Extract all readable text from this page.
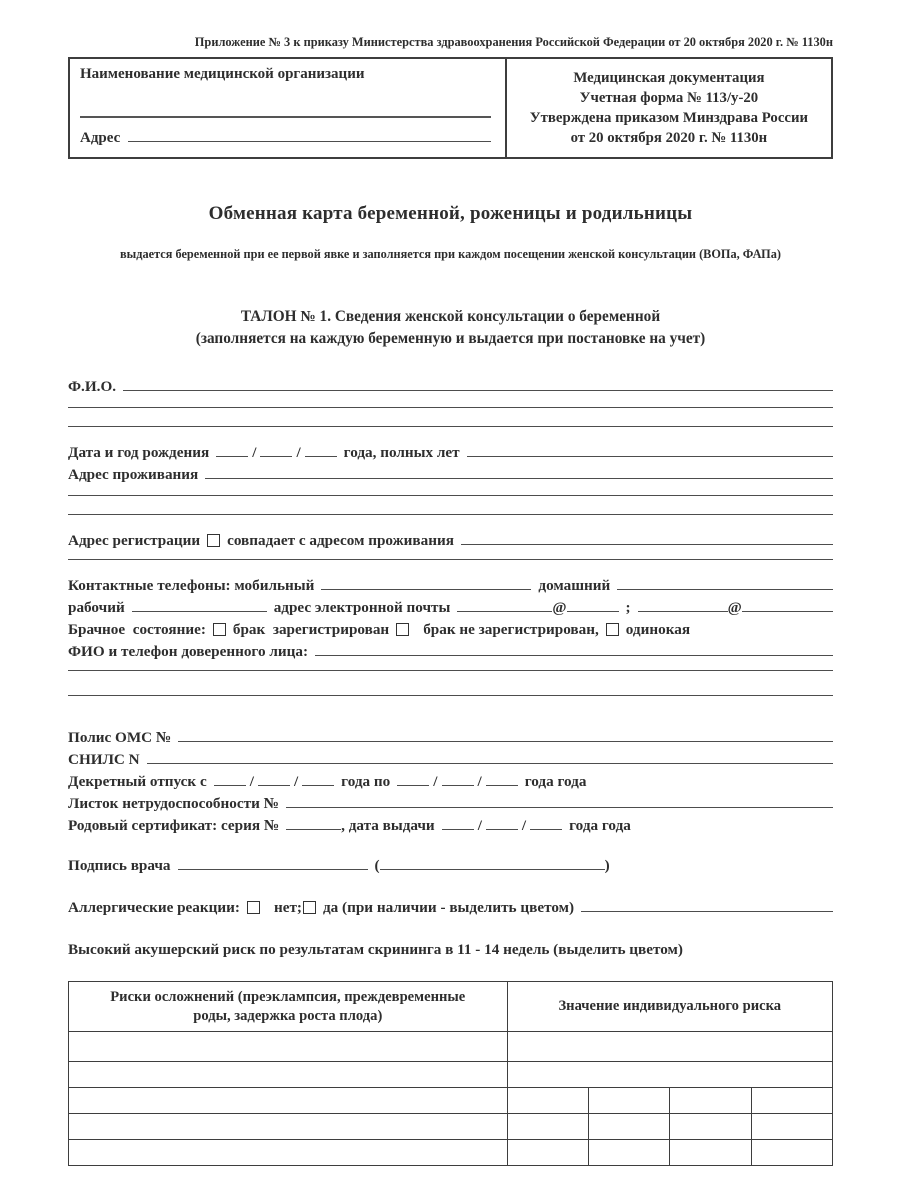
Приложение № 3 к приказу Министерства здравоохранения Российской Федерации от 20 октября 2020 г. № 1130н
Наименование медицинской организации
Адрес
Медицинская документация
Учетная форма № 113/у-20
Утверждена приказом Минздрава России
от 20 октября 2020 г. № 1130н
Обменная карта беременной, роженицы и родильницы
выдается беременной при ее первой явке и заполняется при каждом посещении женской консультации (ВОПа, ФАПа)
ТАЛОН № 1. Сведения женской консультации о беременной
(заполняется на каждую беременную и выдается при постановке на учет)
Ф.И.О.
Дата и год рождения	/	/	года, полных лет
Адрес проживания
Адрес регистрации совпадает с адресом проживания
Контактные телефоны: мобильный	домашний
рабочий	адрес электронной почты	@	;	@
Брачное  состояние: брак  зарегистрирован	брак не зарегистрирован, одинокая
ФИО и телефон доверенного лица:
Полис ОМС №
СНИЛС N
Декретный отпуск с	/	/	года по	/	/	года года
Листок нетрудоспособности №
Родовый сертификат: серия №	, дата выдачи	/	/	года года
Подпись врача	(	)
Аллергические реакции:	нет; да (при наличии - выделить цветом)
Высокий акушерский риск по результатам скрининга в 11 - 14 недель (выделить цветом)
Риски осложнений (преэклампсия, преждевременные роды, задержка роста плода)	Значение индивидуального риска			
